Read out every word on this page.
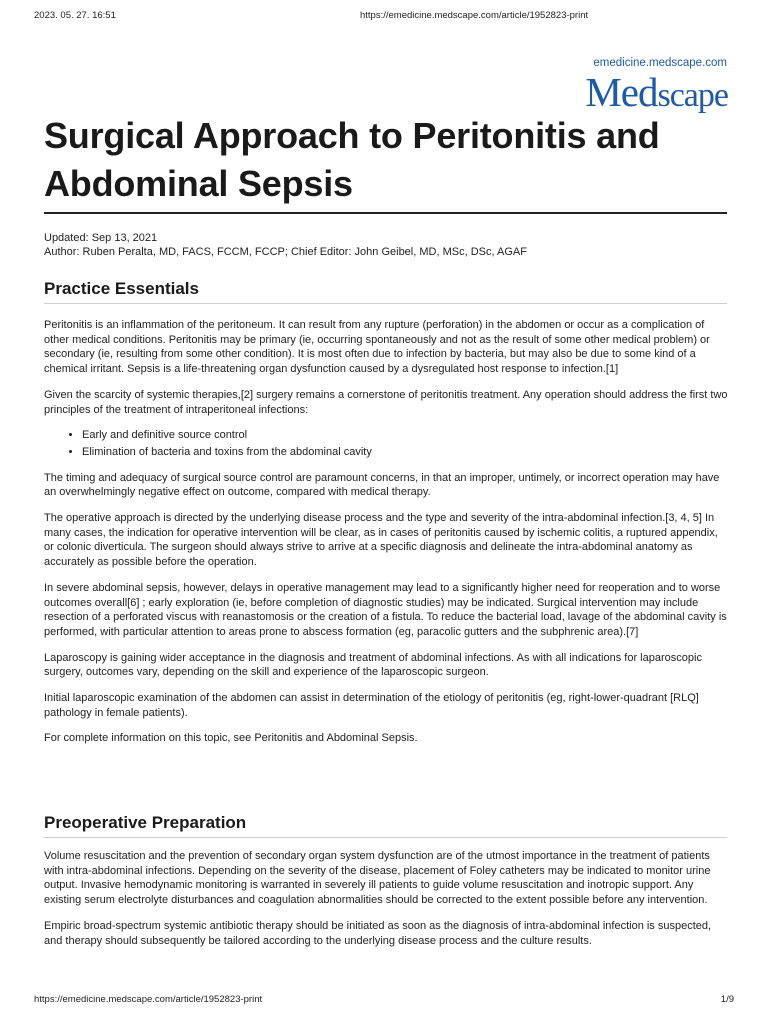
2023. 05. 27. 16:51	https://emedicine.medscape.com/article/1952823-print
emedicine.medscape.com
Medscape
Surgical Approach to Peritonitis and Abdominal Sepsis
Updated: Sep 13, 2021
Author: Ruben Peralta, MD, FACS, FCCM, FCCP; Chief Editor: John Geibel, MD, MSc, DSc, AGAF
Practice Essentials

Peritonitis is an inflammation of the peritoneum. It can result from any rupture (perforation) in the abdomen or occur as a complication of other medical conditions. Peritonitis may be primary (ie, occurring spontaneously and not as the result of some other medical problem) or secondary (ie, resulting from some other condition). It is most often due to infection by bacteria, but may also be due to some kind of a chemical irritant. Sepsis is a life-threatening organ dysfunction caused by a dysregulated host response to infection.[1]

Given the scarcity of systemic therapies,[2] surgery remains a cornerstone of peritonitis treatment. Any operation should address the first two principles of the treatment of intraperitoneal infections:

• Early and definitive source control
• Elimination of bacteria and toxins from the abdominal cavity

The timing and adequacy of surgical source control are paramount concerns, in that an improper, untimely, or incorrect operation may have an overwhelmingly negative effect on outcome, compared with medical therapy.

The operative approach is directed by the underlying disease process and the type and severity of the intra-abdominal infection.[3, 4, 5] In many cases, the indication for operative intervention will be clear, as in cases of peritonitis caused by ischemic colitis, a ruptured appendix, or colonic diverticula. The surgeon should always strive to arrive at a specific diagnosis and delineate the intra-abdominal anatomy as accurately as possible before the operation.

In severe abdominal sepsis, however, delays in operative management may lead to a significantly higher need for reoperation and to worse outcomes overall[6] ; early exploration (ie, before completion of diagnostic studies) may be indicated. Surgical intervention may include resection of a perforated viscus with reanastomosis or the creation of a fistula. To reduce the bacterial load, lavage of the abdominal cavity is performed, with particular attention to areas prone to abscess formation (eg, paracolic gutters and the subphrenic area).[7]

Laparoscopy is gaining wider acceptance in the diagnosis and treatment of abdominal infections. As with all indications for laparoscopic surgery, outcomes vary, depending on the skill and experience of the laparoscopic surgeon.

Initial laparoscopic examination of the abdomen can assist in determination of the etiology of peritonitis (eg, right-lower-quadrant [RLQ] pathology in female patients).

For complete information on this topic, see Peritonitis and Abdominal Sepsis.

Preoperative Preparation

Volume resuscitation and the prevention of secondary organ system dysfunction are of the utmost importance in the treatment of patients with intra-abdominal infections. Depending on the severity of the disease, placement of Foley catheters may be indicated to monitor urine output. Invasive hemodynamic monitoring is warranted in severely ill patients to guide volume resuscitation and inotropic support. Any existing serum electrolyte disturbances and coagulation abnormalities should be corrected to the extent possible before any intervention.

Empiric broad-spectrum systemic antibiotic therapy should be initiated as soon as the diagnosis of intra-abdominal infection is suspected, and therapy should subsequently be tailored according to the underlying disease process and the culture results.

https://emedicine.medscape.com/article/1952823-print	1/9
